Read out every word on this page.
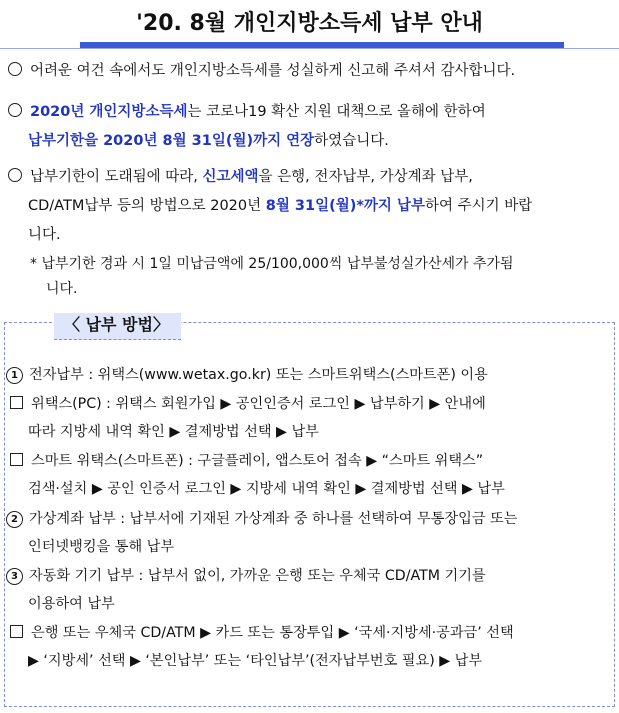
'20. 8월 개인지방소득세 납부 안내
어려운 여건 속에서도 개인지방소득세를 성실하게 신고해 주셔서 감사합니다.
2020년 개인지방소득세는 코로나19 확산 지원 대책으로 올해에 한하여
납부기한을 2020년 8월 31일(월)까지 연장하였습니다.
납부기한이 도래됨에 따라, 신고세액을 은행, 전자납부, 가상계좌 납부,
CD/ATM납부 등의 방법으로 2020년 8월 31일(월)*까지 납부하여 주시기 바랍
니다.
* 납부기한 경과 시 1일 미납금액에 25/100,000씩 납부불성실가산세가 추가됨
니다.
〈 납부 방법〉
1 전자납부 : 위택스(www.wetax.go.kr) 또는 스마트위택스(스마트폰) 이용
위택스(PC) : 위택스 회원가입 ▶ 공인인증서 로그인 ▶ 납부하기 ▶ 안내에
따라 지방세 내역 확인 ▶ 결제방법 선택 ▶ 납부
스마트 위택스(스마트폰) : 구글플레이, 앱스토어 접속 ▶ “스마트 위택스”
검색·설치 ▶ 공인 인증서 로그인 ▶ 지방세 내역 확인 ▶ 결제방법 선택 ▶ 납부
2 가상계좌 납부 : 납부서에 기재된 가상계좌 중 하나를 선택하여 무통장입금 또는
인터넷뱅킹을 통해 납부
3 자동화 기기 납부 : 납부서 없이, 가까운 은행 또는 우체국 CD/ATM 기기를
이용하여 납부
은행 또는 우체국 CD/ATM ▶ 카드 또는 통장투입 ▶ ‘국세·지방세·공과금’ 선택
▶ ‘지방세’ 선택 ▶ ‘본인납부’ 또는 ‘타인납부’(전자납부번호 필요) ▶ 납부
